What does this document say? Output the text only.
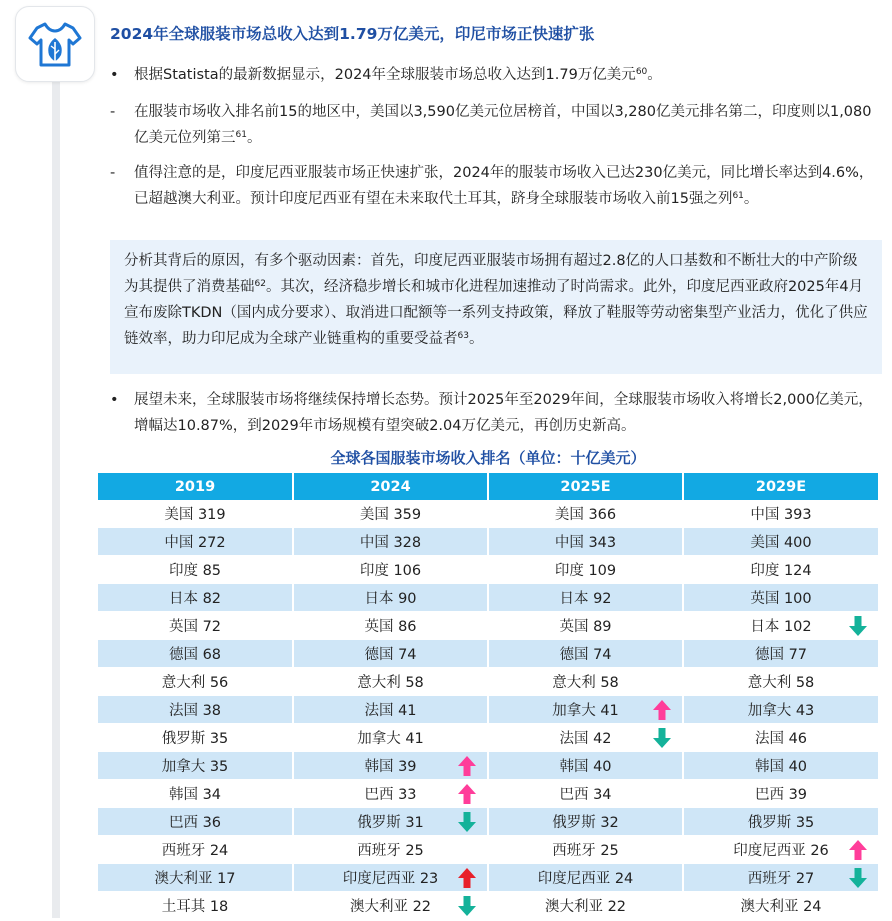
2024年全球服装市场总收入达到1.79万亿美元，印尼市场正快速扩张
•	根据Statista的最新数据显示，2024年全球服装市场总收入达到1.79万亿美元$^{60}$。
-	在服装市场收入排名前15的地区中，美国以3,590亿美元位居榜首，中国以3,280亿美元排名第二，印度则以1,080亿美元位列第三$^{61}$。
-	值得注意的是，印度尼西亚服装市场正快速扩张，2024年的服装市场收入已达230亿美元，同比增长率达到4.6%，已超越澳大利亚。预计印度尼西亚有望在未来取代土耳其，跻身全球服装市场收入前15强之列$^{61}$。
分析其背后的原因，有多个驱动因素：首先，印度尼西亚服装市场拥有超过2.8亿的人口基数和不断壮大的中产阶级为其提供了消费基础$^{62}$。其次，经济稳步增长和城市化进程加速推动了时尚需求。此外，印度尼西亚政府2025年4月宣布废除TKDN（国内成分要求）、取消进口配额等一系列支持政策，释放了鞋服等劳动密集型产业活力，优化了供应链效率，助力印尼成为全球产业链重构的重要受益者$^{63}$。
•	展望未来，全球服装市场将继续保持增长态势。预计2025年至2029年间，全球服装市场收入将增长2,000亿美元，增幅达10.87%，到2029年市场规模有望突破2.04万亿美元，再创历史新高。
全球各国服装市场收入排名（单位：十亿美元）
2019	2024	2025E	2029E
美国 319	美国 359	美国 366	中国 393
中国 272	中国 328	中国 343	美国 400
印度 85	印度 106	印度 109	印度 124
日本 82	日本 90	日本 92	英国 100
英国 72	英国 86	英国 89	日本 102

德国 68	德国 74	德国 74	德国 77
意大利 56	意大利 58	意大利 58	意大利 58
法国 38	法国 41	加拿大 41	加拿大 43
俄罗斯 35	加拿大 41	法国 42	法国 46
加拿大 35	韩国 39	韩国 40	韩国 40
韩国 34	巴西 33	巴西 34	巴西 39
巴西 36	俄罗斯 31	俄罗斯 32	俄罗斯 35
西班牙 24	西班牙 25	西班牙 25	印度尼西亚 26

澳大利亚 17	印度尼西亚 23	印度尼西亚 24	西班牙 27

土耳其 18	澳大利亚 22	澳大利亚 22	澳大利亚 24
